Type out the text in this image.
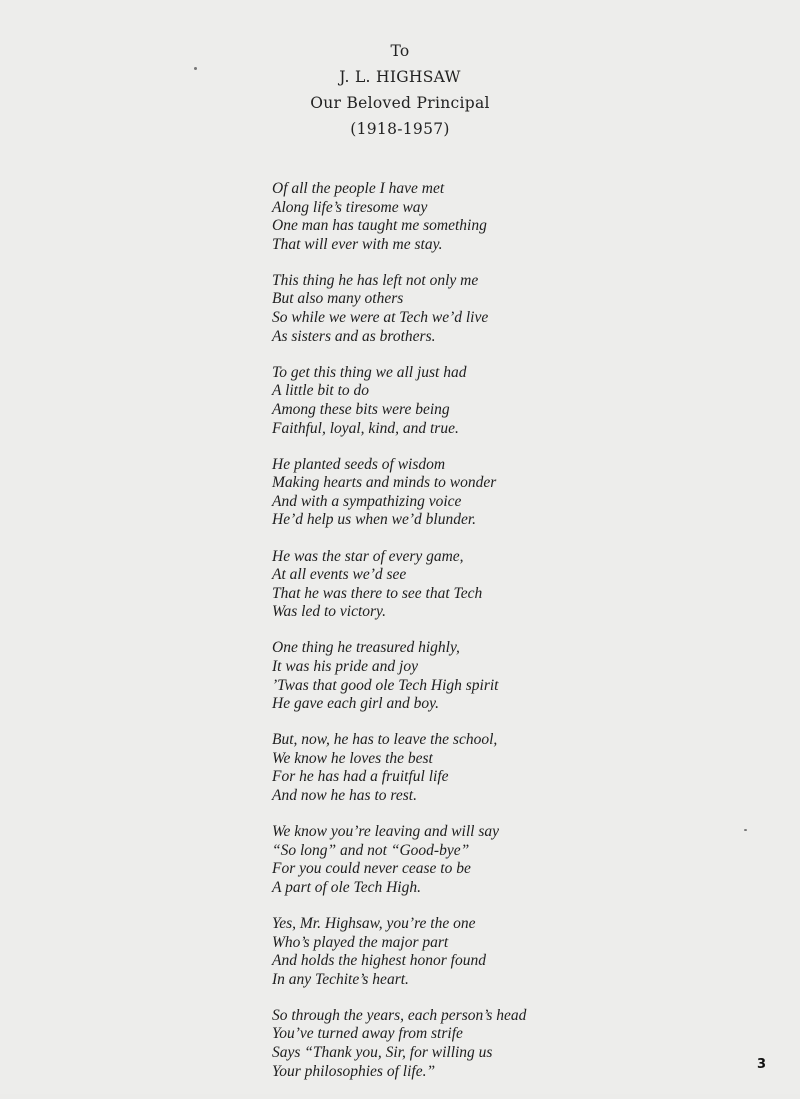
To
J. L. HIGHSAW
Our Beloved Principal
(1918-1957)
Of all the people I have met
Along life’s tiresome way
One man has taught me something
That will ever with me stay.
This thing he has left not only me
But also many others
So while we were at Tech we’d live
As sisters and as brothers.
To get this thing we all just had
A little bit to do
Among these bits were being
Faithful, loyal, kind, and true.
He planted seeds of wisdom
Making hearts and minds to wonder
And with a sympathizing voice
He’d help us when we’d blunder.
He was the star of every game,
At all events we’d see
That he was there to see that Tech
Was led to victory.
One thing he treasured highly,
It was his pride and joy
’Twas that good ole Tech High spirit
He gave each girl and boy.
But, now, he has to leave the school,
We know he loves the best
For he has had a fruitful life
And now he has to rest.
We know you’re leaving and will say
“So long” and not “Good-bye”
For you could never cease to be
A part of ole Tech High.
Yes, Mr. Highsaw, you’re the one
Who’s played the major part
And holds the highest honor found
In any Techite’s heart.
So through the years, each person’s head
You’ve turned away from strife
Says “Thank you, Sir, for willing us
Your philosophies of life.”	3
